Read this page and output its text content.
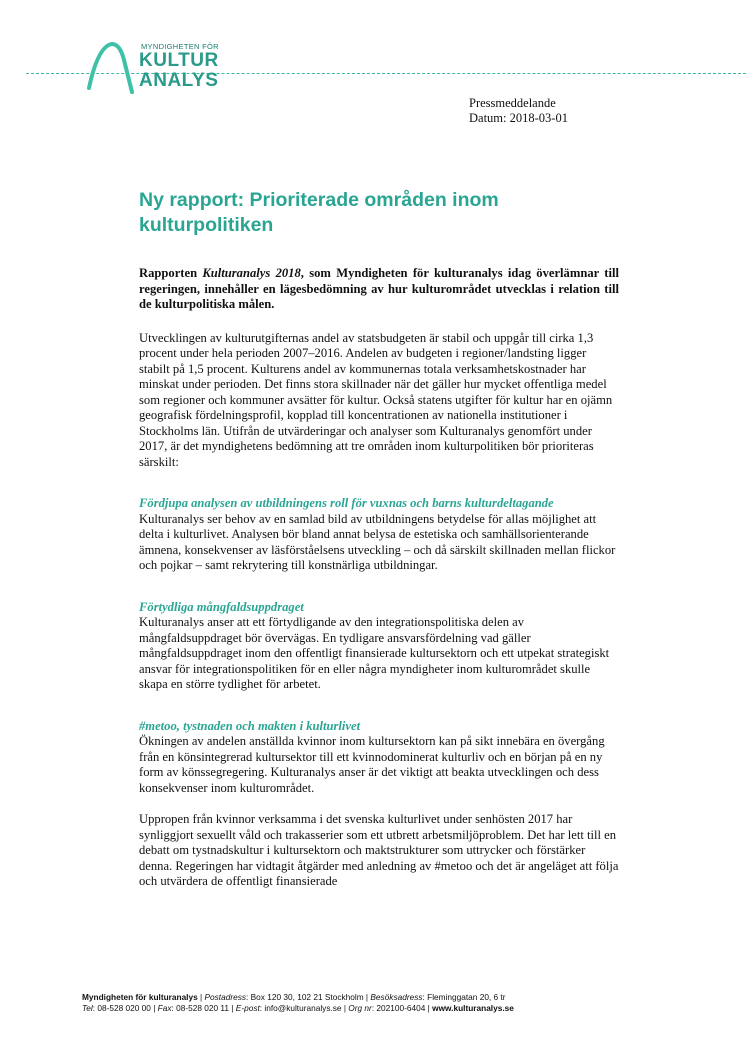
MYNDIGHETEN FÖR
KULTUR
ANALYS
Pressmeddelande
Datum: 2018-03-01
Ny rapport: Prioriterade områden inom kulturpolitiken

Rapporten Kulturanalys 2018, som Myndigheten för kulturanalys idag överlämnar till regeringen, innehåller en lägesbedömning av hur kulturområdet utvecklas i relation till de kulturpolitiska målen.

Utvecklingen av kulturutgifternas andel av statsbudgeten är stabil och uppgår till cirka 1,3 procent under hela perioden 2007–2016. Andelen av budgeten i regioner/landsting ligger stabilt på 1,5 procent. Kulturens andel av kommunernas totala verksamhetskostnader har minskat under perioden. Det finns stora skillnader när det gäller hur mycket offentliga medel som regioner och kommuner avsätter för kultur. Också statens utgifter för kultur har en ojämn geografisk fördelningsprofil, kopplad till koncentrationen av nationella institutioner i Stockholms län. Utifrån de utvärderingar och analyser som Kulturanalys genomfört under 2017, är det myndighetens bedömning att tre områden inom kulturpolitiken bör prioriteras särskilt:

Fördjupa analysen av utbildningens roll för vuxnas och barns kulturdeltagande

Kulturanalys ser behov av en samlad bild av utbildningens betydelse för allas möjlighet att delta i kulturlivet. Analysen bör bland annat belysa de estetiska och samhällsorienterande ämnena, konsekvenser av läsförståelsens utveckling – och då särskilt skillnaden mellan flickor och pojkar – samt rekrytering till konstnärliga utbildningar.

Förtydliga mångfaldsuppdraget

Kulturanalys anser att ett förtydligande av den integrationspolitiska delen av mångfaldsuppdraget bör övervägas. En tydligare ansvarsfördelning vad gäller mångfaldsuppdraget inom den offentligt finansierade kultursektorn och ett utpekat strategiskt ansvar för integrationspolitiken för en eller några myndigheter inom kulturområdet skulle skapa en större tydlighet för arbetet.

#metoo, tystnaden och makten i kulturlivet

Ökningen av andelen anställda kvinnor inom kultursektorn kan på sikt innebära en övergång från en könsintegrerad kultursektor till ett kvinnodominerat kulturliv och en början på en ny form av könssegregering. Kulturanalys anser är det viktigt att beakta utvecklingen och dess konsekvenser inom kulturområdet.

Uppropen från kvinnor verksamma i det svenska kulturlivet under senhösten 2017 har synliggjort sexuellt våld och trakasserier som ett utbrett arbetsmiljöproblem. Det har lett till en debatt om tystnadskultur i kultursektorn och maktstrukturer som uttrycker och förstärker denna. Regeringen har vidtagit åtgärder med anledning av #metoo och det är angeläget att följa och utvärdera de offentligt finansierade

Myndigheten för kulturanalys | Postadress: Box 120 30, 102 21 Stockholm | Besöksadress: Fleminggatan 20, 6 tr
Tel: 08-528 020 00 | Fax: 08-528 020 11 | E-post: info@kulturanalys.se | Org nr: 202100-6404 | www.kulturanalys.se
